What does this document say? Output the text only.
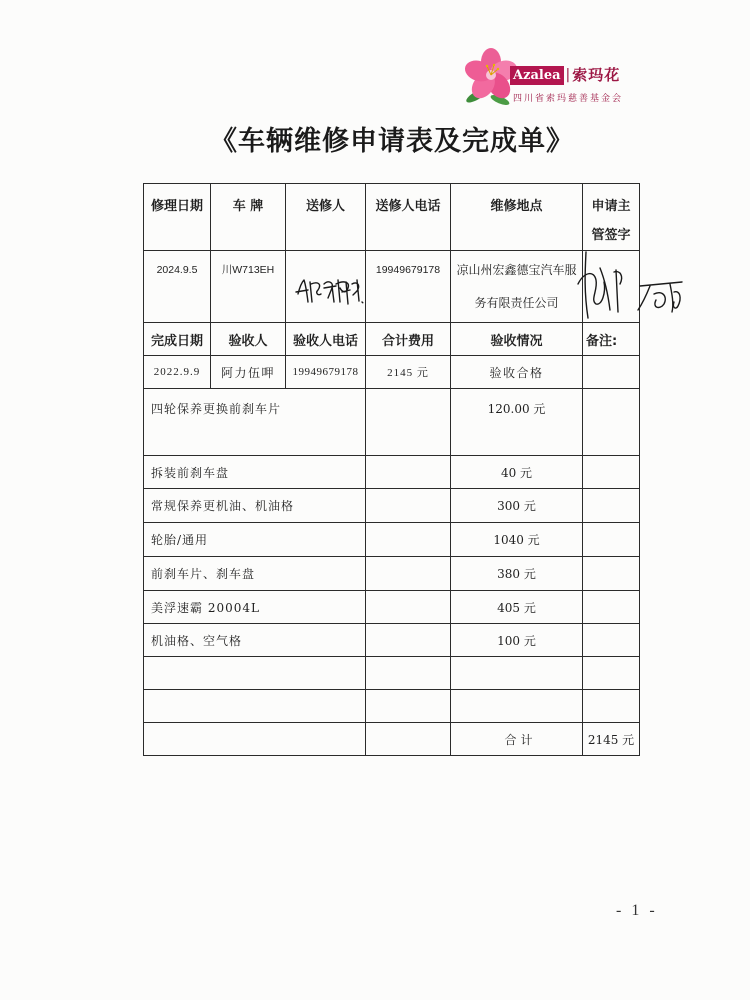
Azalea | 索玛花
四川省索玛慈善基金会
《车辆维修申请表及完成单》
修理日期	车 牌	送修人	送修人电话	维修地点	申请主
管签字

2024.9.5	川W713EH		19949679178	凉山州宏鑫德宝汽车服
务有限责任公司	

完成日期	验收人	验收人电话	合计费用	验收情况	备注:
2022.9.9	阿力伍呷	19949679178	2145 元	验收合格	
四轮保养更换前刹车片				120.00 元	
拆装前刹车盘				40 元	
常规保养更机油、机油格				300 元	
轮胎/通用				1040 元	
前刹车片、刹车盘				380 元	
美浮速霸 20004L				405 元	
机油格、空气格				100 元	

				合计	2145 元
- 1 -
